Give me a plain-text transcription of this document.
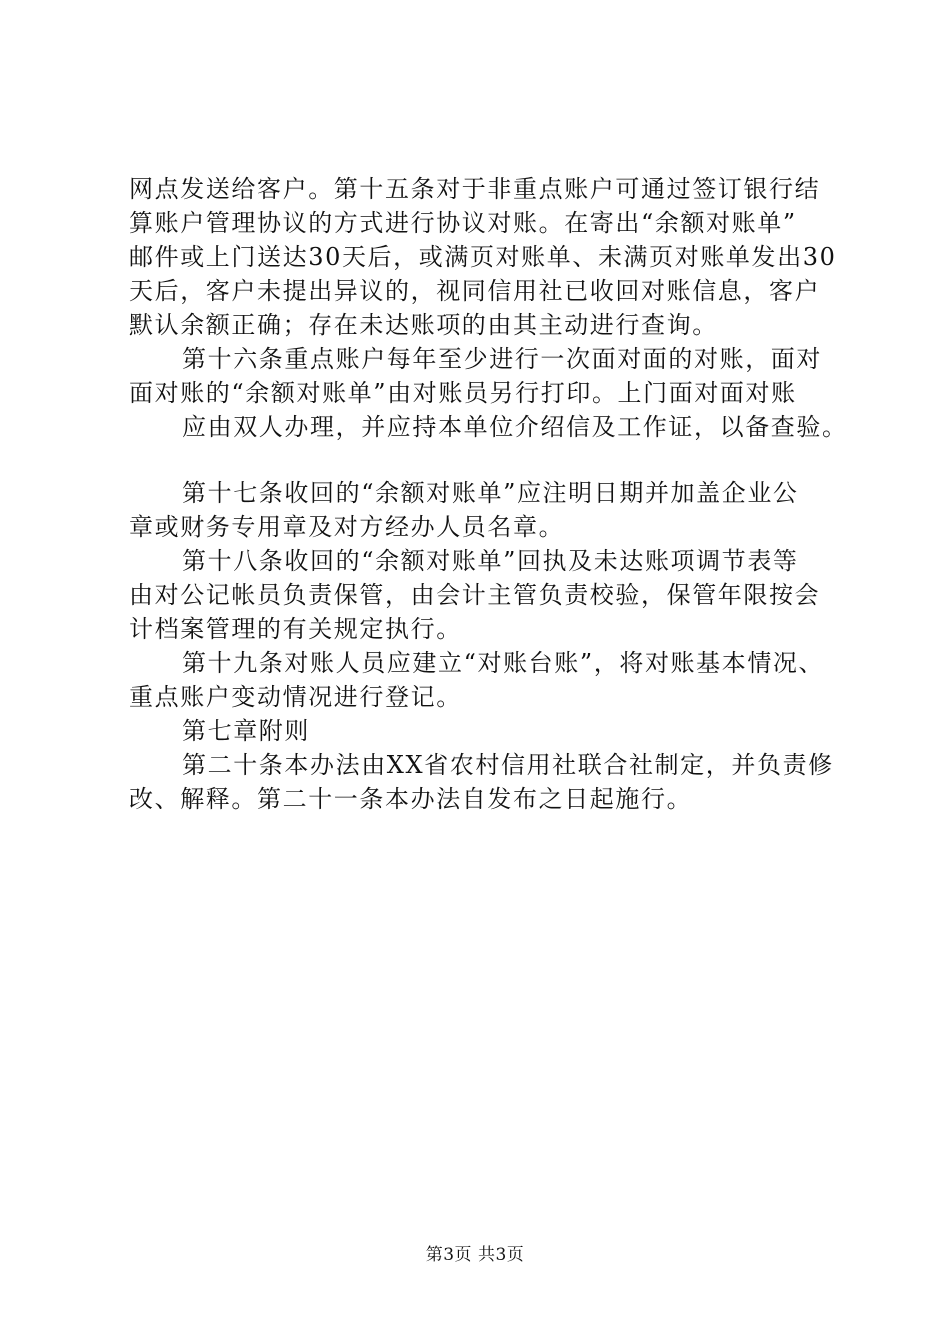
网点发送给客户。第十五条对于非重点账户可通过签订银行结
算账户管理协议的方式进行协议对账。在寄出“余额对账单”
邮件或上门送达30天后，或满页对账单、未满页对账单发出30
天后，客户未提出异议的，视同信用社已收回对账信息，客户
默认余额正确；存在未达账项的由其主动进行查询。
第十六条重点账户每年至少进行一次面对面的对账，面对
面对账的“余额对账单”由对账员另行打印。上门面对面对账
应由双人办理，并应持本单位介绍信及工作证，以备查验。
第十七条收回的“余额对账单”应注明日期并加盖企业公
章或财务专用章及对方经办人员名章。
第十八条收回的“余额对账单”回执及未达账项调节表等
由对公记帐员负责保管，由会计主管负责校验，保管年限按会
计档案管理的有关规定执行。
第十九条对账人员应建立“对账台账”，将对账基本情况、
重点账户变动情况进行登记。
第七章附则
第二十条本办法由XX省农村信用社联合社制定，并负责修
改、解释。第二十一条本办法自发布之日起施行。
第3页 共3页
